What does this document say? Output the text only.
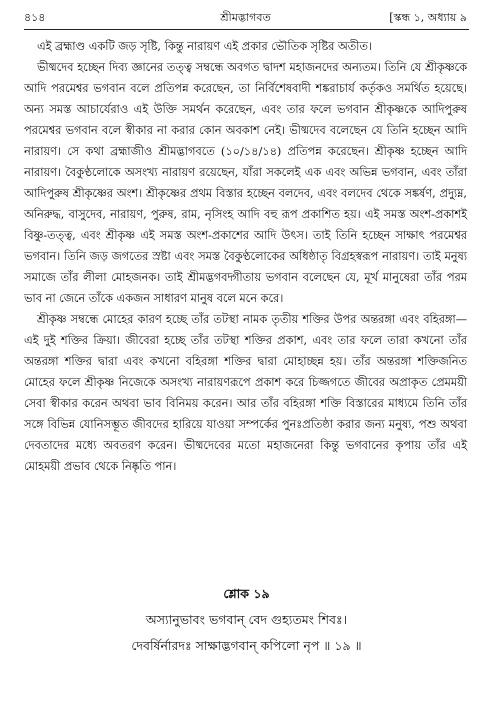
৪১৪	শ্রীমদ্ভাগবত	[স্কন্ধ ১, অধ্যায় ৯

এই ব্রহ্মাণ্ড একটি জড় সৃষ্টি, কিন্তু নারায়ণ এই প্রকার ভৌতিক সৃষ্টির অতীত।

ভীষ্মদেব হচ্ছেন দিব্য জ্ঞানের তত্ত্ব সম্বন্ধে অবগত দ্বাদশ মহাজনদের অন্যতম। তিনি যে শ্রীকৃষ্ণকে আদি পরমেশ্বর ভগবান বলে প্রতিপন্ন করেছেন, তা নির্বিশেষবাদী শঙ্করাচার্য কর্তৃকও সমর্থিত হয়েছে। অন্য সমস্ত আচার্যেরাও এই উক্তি সমর্থন করেছেন, এবং তার ফলে ভগবান শ্রীকৃষ্ণকে আদিপুরুষ পরমেশ্বর ভগবান বলে স্বীকার না করার কোন অবকাশ নেই। ভীষ্মদেব বলেছেন যে তিনি হচ্ছেন আদি নারায়ণ। সে কথা ব্রহ্মাজীও শ্রীমদ্ভাগবতে (১০/১৪/১৪) প্রতিপন্ন করেছেন। শ্রীকৃষ্ণ হচ্ছেন আদি নারায়ণ। বৈকুণ্ঠলোকে অসংখ্য নারায়ণ রয়েছেন, যাঁরা সকলেই এক এবং অভিন্ন ভগবান, এবং তাঁরা আদিপুরুষ শ্রীকৃষ্ণের অংশ। শ্রীকৃষ্ণের প্রথম বিস্তার হচ্ছেন বলদেব, এবং বলদেব থেকে সঙ্কর্ষণ, প্রদ্যুম্ন, অনিরুদ্ধ, বাসুদেব, নারায়ণ, পুরুষ, রাম, নৃসিংহ আদি বহু রূপ প্রকাশিত হয়। এই সমস্ত অংশ-প্রকাশই বিষ্ণু-তত্ত্ব, এবং শ্রীকৃষ্ণ এই সমস্ত অংশ-প্রকাশের আদি উৎস। তাই তিনি হচ্ছেন সাক্ষাৎ পরমেশ্বর ভগবান। তিনি জড় জগতের স্রষ্টা এবং সমস্ত বৈকুণ্ঠলোকের অধিষ্ঠাতৃ বিগ্রহস্বরূপ নারায়ণ। তাই মনুষ্য সমাজে তাঁর লীলা মোহজনক। তাই শ্রীমদ্ভগবদ্গীতায় ভগবান বলেছেন যে, মূর্খ মানুষেরা তাঁর পরম ভাব না জেনে তাঁকে একজন সাধারণ মানুষ বলে মনে করে।

শ্রীকৃষ্ণ সম্বন্ধে মোহের কারণ হচ্ছে তাঁর তটস্থা নামক তৃতীয় শক্তির উপর অন্তরঙ্গা এবং বহিরঙ্গা—এই দুই শক্তির ক্রিয়া। জীবেরা হচ্ছে তাঁর তটস্থা শক্তির প্রকাশ, এবং তার ফলে তারা কখনো তাঁর অন্তরঙ্গা শক্তির দ্বারা এবং কখনো বহিরঙ্গা শক্তির দ্বারা মোহাচ্ছন্ন হয়। তাঁর অন্তরঙ্গা শক্তিজনিত মোহের ফলে শ্রীকৃষ্ণ নিজেকে অসংখ্য নারায়ণরূপে প্রকাশ করে চিজ্জগতে জীবের অপ্রাকৃত প্রেমময়ী সেবা স্বীকার করেন অথবা ভাব বিনিময় করেন। আর তাঁর বহিরঙ্গা শক্তি বিস্তারের মাধ্যমে তিনি তাঁর সঙ্গে বিভিন্ন যোনিসম্ভূত জীবদের হারিয়ে যাওয়া সম্পর্কের পুনঃপ্রতিষ্ঠা করার জন্য মনুষ্য, পশু অথবা দেবতাদের মধ্যে অবতরণ করেন। ভীষ্মদেবের মতো মহাজনেরা কিন্তু ভগবানের কৃপায় তাঁর এই মোহময়ী প্রভাব থেকে নিষ্কৃতি পান।

শ্লোক ১৯
অস্যানুভাবং ভগবান্ বেদ গুহ্যতমং শিবঃ।
দেবর্ষির্নারদঃ সাক্ষাদ্ভগবান্ কপিলো নৃপ ॥ ১৯ ॥
